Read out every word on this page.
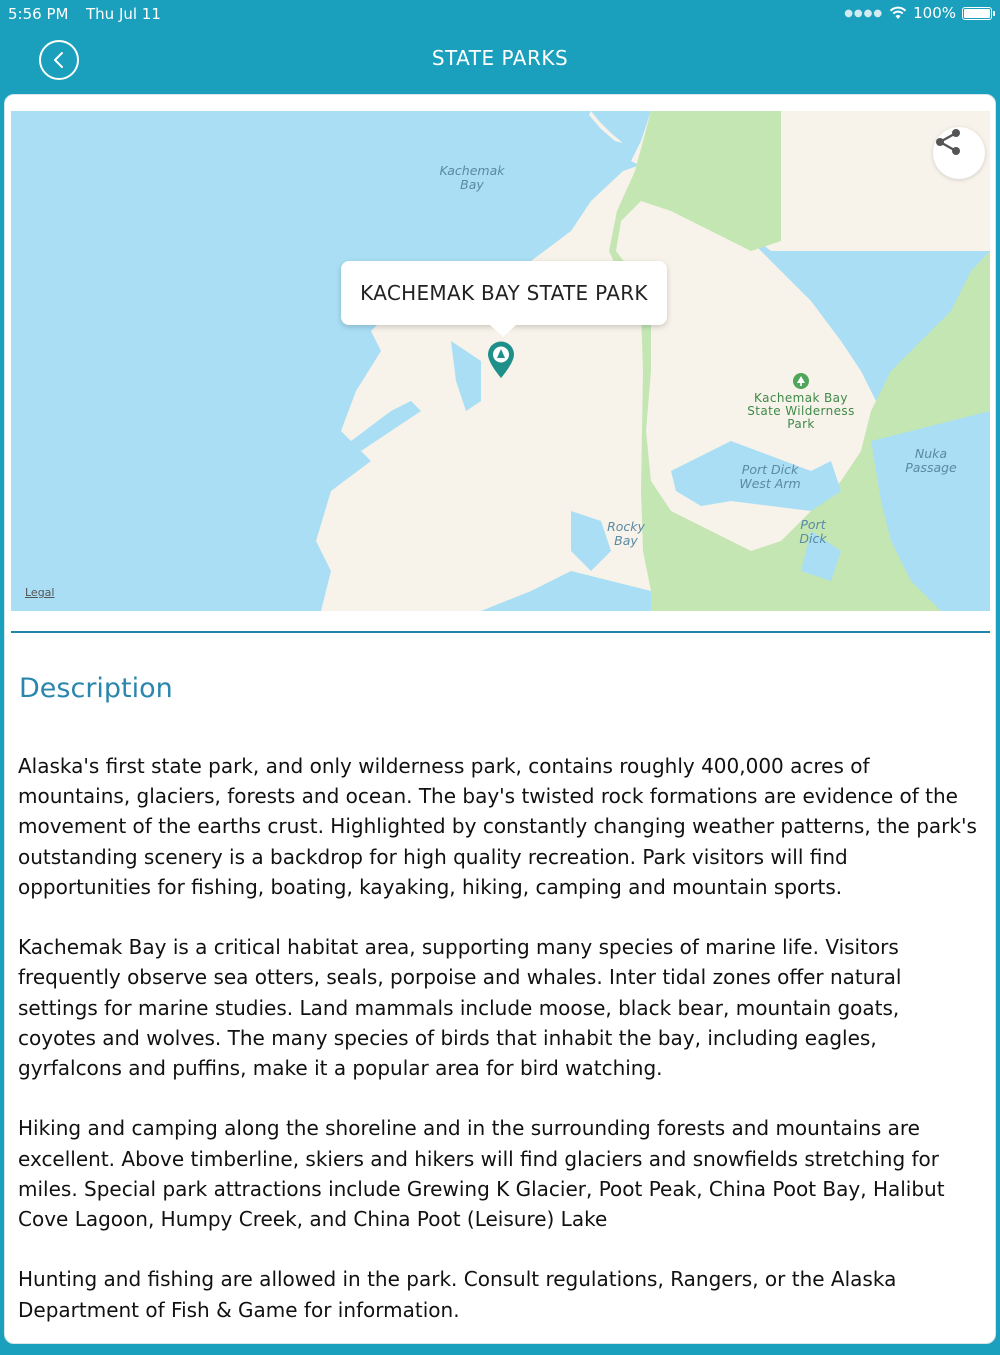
5:56 PM Thu Jul 11	●●●● 100%
STATE PARKS
Kachemak Bay
Port Dick West Arm
Nuka Passage
Rocky Bay
Port Dick
Kachemak Bay State Wilderness Park
KACHEMAK BAY STATE PARK
Legal
Description

Alaska's first state park, and only wilderness park, contains roughly 400,000 acres of mountains, glaciers, forests and ocean. The bay's twisted rock formations are evidence of the movement of the earths crust. Highlighted by constantly changing weather patterns, the park's outstanding scenery is a backdrop for high quality recreation. Park visitors will find opportunities for fishing, boating, kayaking, hiking, camping and mountain sports.

Kachemak Bay is a critical habitat area, supporting many species of marine life. Visitors frequently observe sea otters, seals, porpoise and whales. Inter tidal zones offer natural settings for marine studies. Land mammals include moose, black bear, mountain goats, coyotes and wolves. The many species of birds that inhabit the bay, including eagles, gyrfalcons and puffins, make it a popular area for bird watching.

Hiking and camping along the shoreline and in the surrounding forests and mountains are excellent. Above timberline, skiers and hikers will find glaciers and snowfields stretching for miles. Special park attractions include Grewing K Glacier, Poot Peak, China Poot Bay, Halibut Cove Lagoon, Humpy Creek, and China Poot (Leisure) Lake

Hunting and fishing are allowed in the park. Consult regulations, Rangers, or the Alaska Department of Fish & Game for information.
